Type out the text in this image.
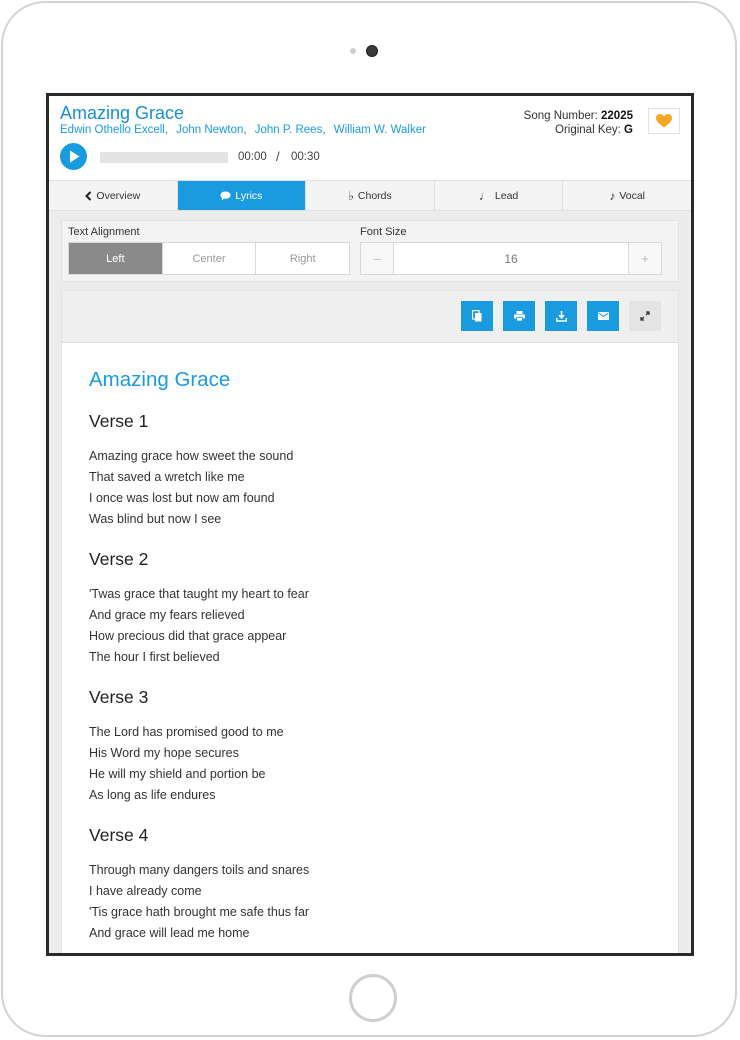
Amazing Grace
Edwin Othello Excell, John Newton, John P. Rees, William W. Walker
Song Number: 22025
Original Key: G
00:00 / 00:30
Overview	Lyrics	♭ Chords	♩ Lead	♪ Vocal
Text Alignment
Left	Center	Right
Font Size
–	16	+
Amazing Grace
Verse 1
Amazing grace how sweet the sound
That saved a wretch like me
I once was lost but now am found
Was blind but now I see
Verse 2
'Twas grace that taught my heart to fear
And grace my fears relieved
How precious did that grace appear
The hour I first believed
Verse 3
The Lord has promised good to me
His Word my hope secures
He will my shield and portion be
As long as life endures
Verse 4
Through many dangers toils and snares
I have already come
'Tis grace hath brought me safe thus far
And grace will lead me home
